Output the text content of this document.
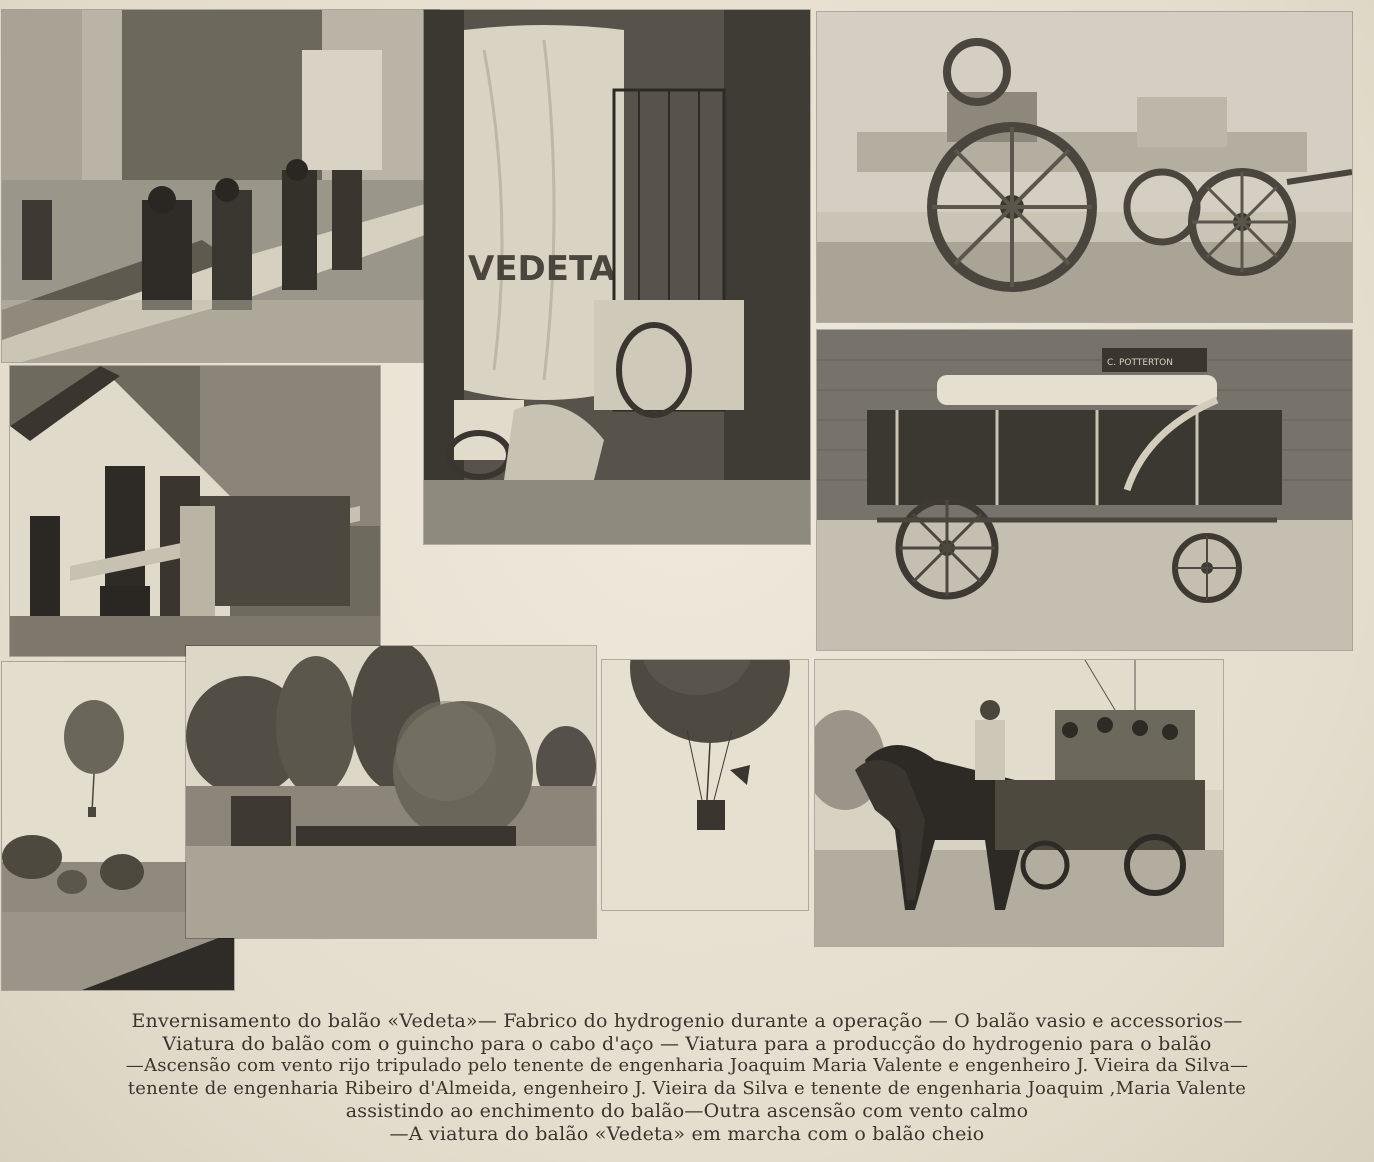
VEDETA
C. POTTERTON
Envernisamento do balão «Vedeta»— Fabrico do hydrogenio durante a operação — O balão vasio e accessorios—
Viatura do balão com o guincho para o cabo d'aço — Viatura para a producção do hydrogenio para o balão
—Ascensão com vento rijo tripulado pelo tenente de engenharia Joaquim Maria Valente e engenheiro J. Vieira da Silva—
tenente de engenharia Ribeiro d'Almeida, engenheiro J. Vieira da Silva e tenente de engenharia Joaquim ,Maria Valente
assistindo ao enchimento do balão—Outra ascensão com vento calmo
—A viatura do balão «Vedeta» em marcha com o balão cheio
